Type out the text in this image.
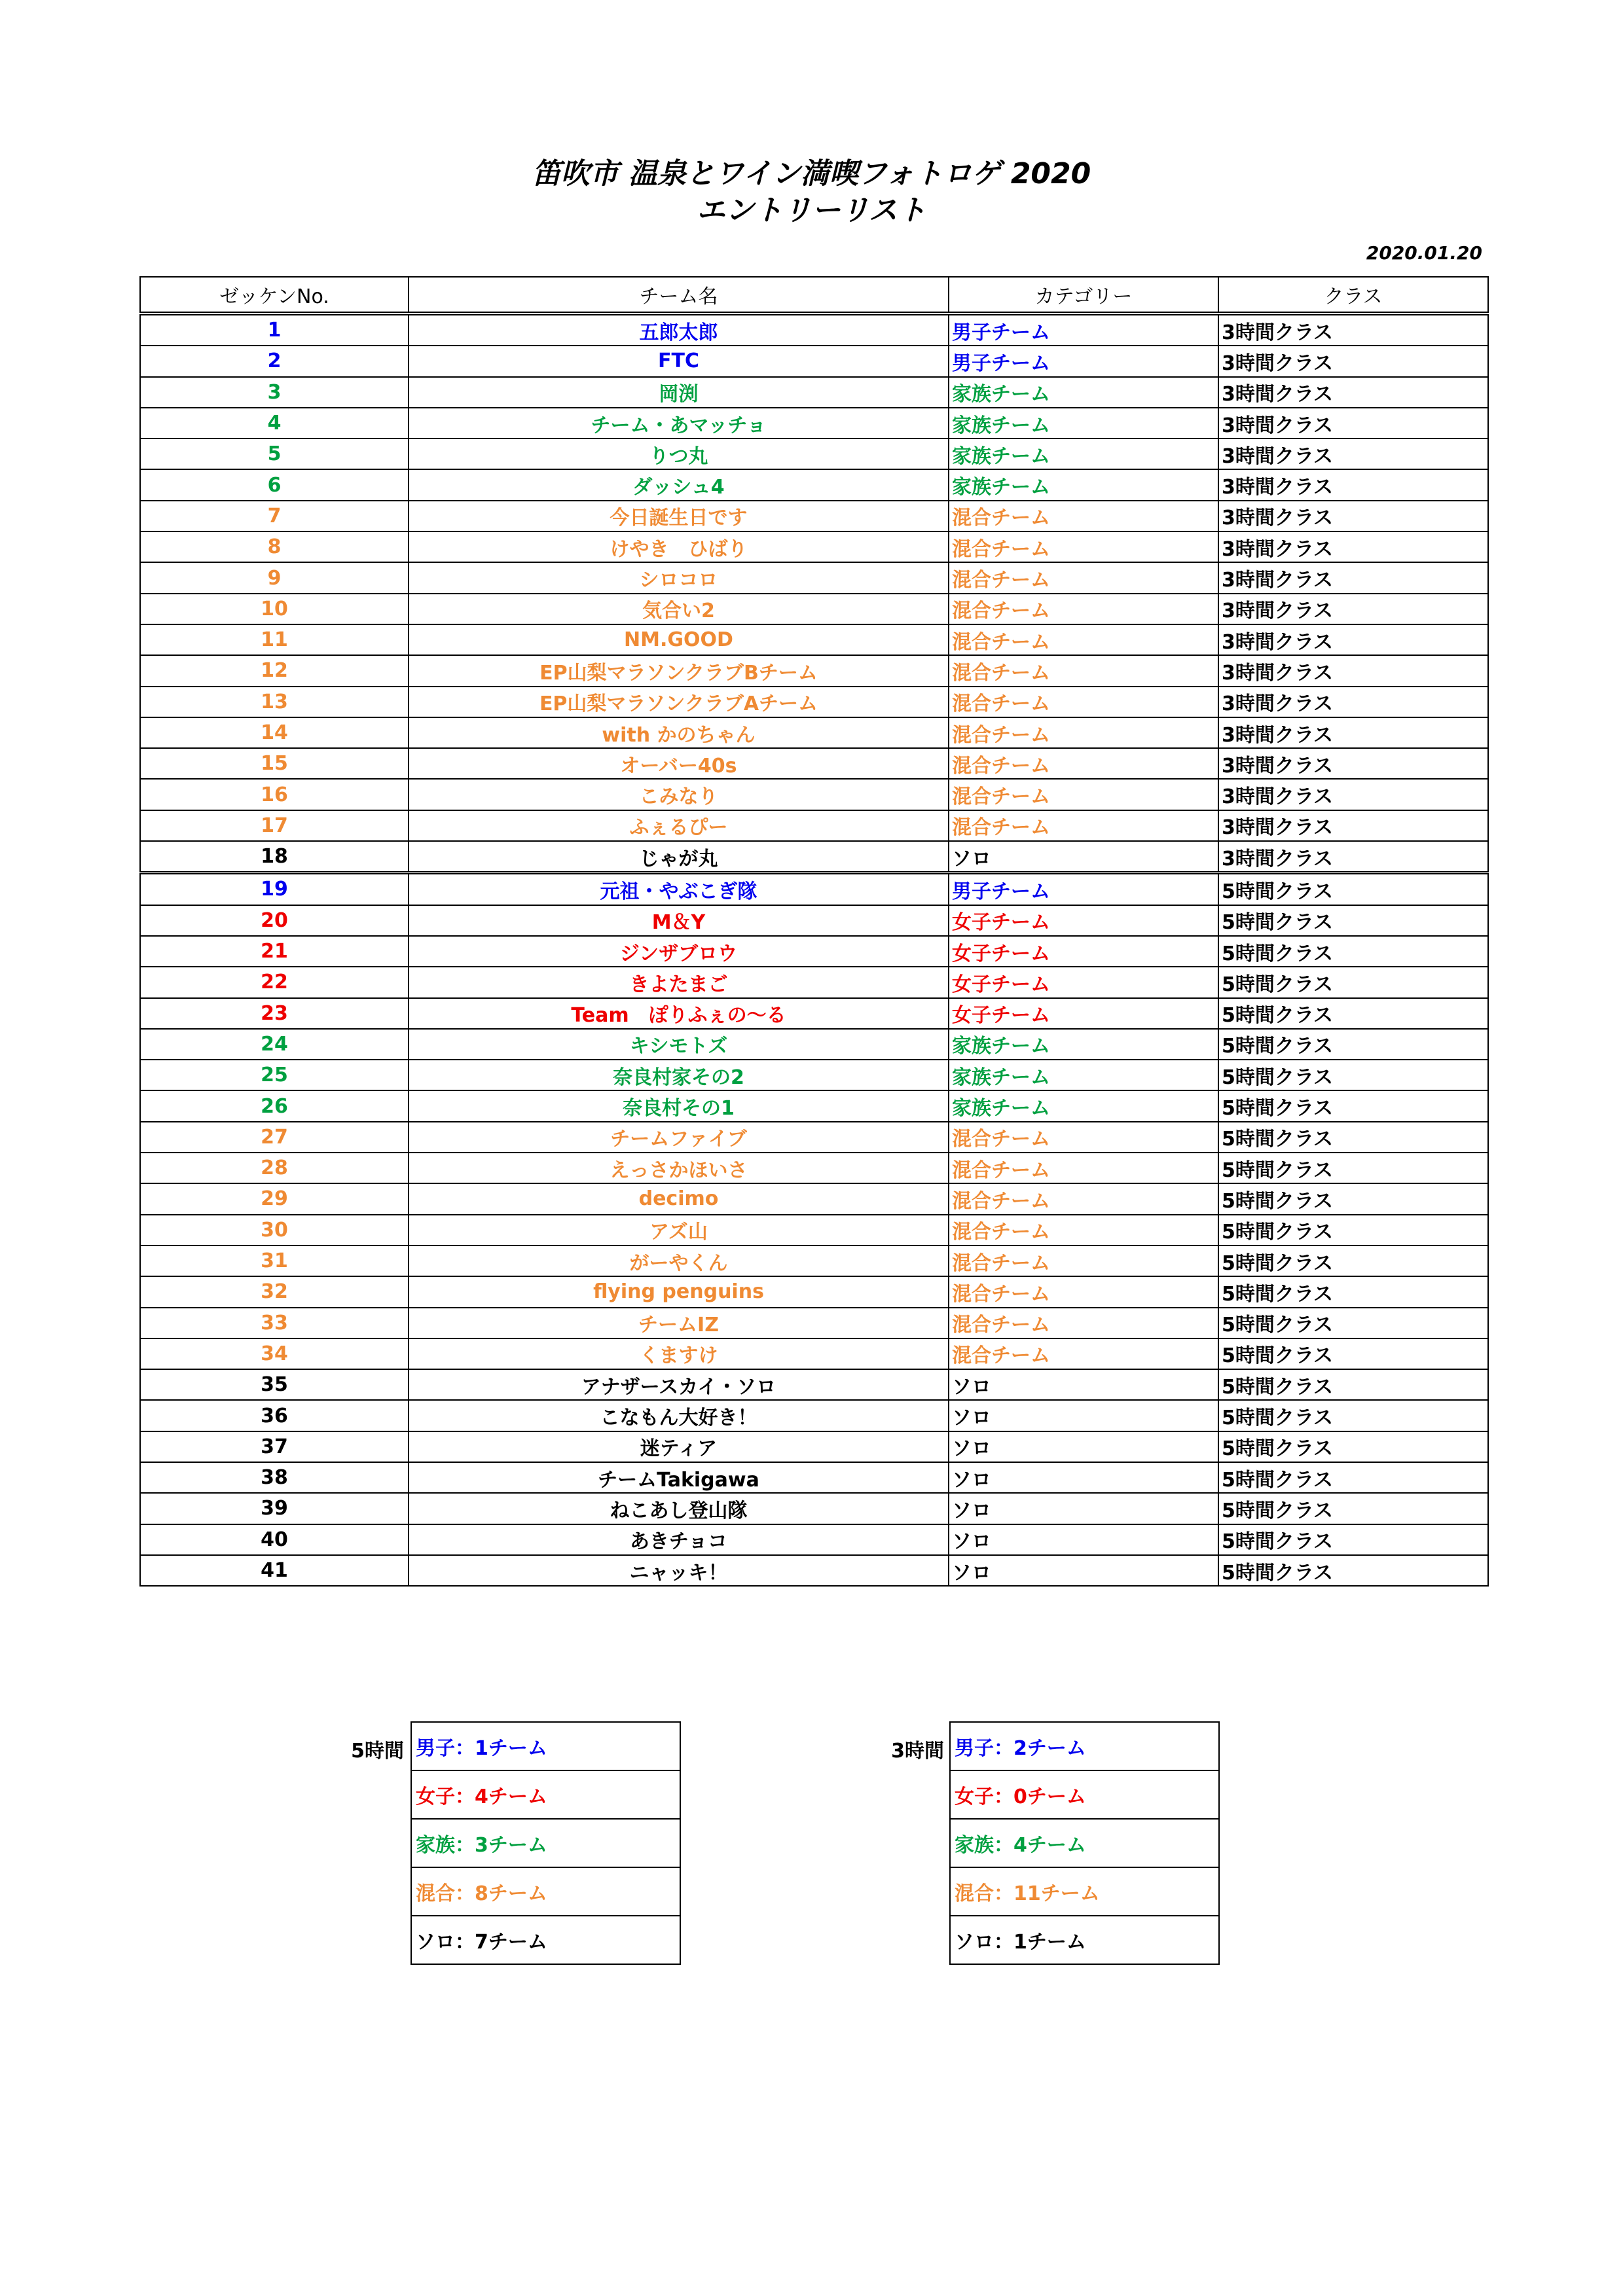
笛吹市 温泉とワイン満喫フォトロゲ 2020
エントリーリスト
2020.01.20
ゼッケンNo.	チーム名	カテゴリー	クラス
1	五郎太郎	男子チーム	3時間クラス
2	FTC	男子チーム	3時間クラス
3	岡渕	家族チーム	3時間クラス
4	チーム・あマッチョ	家族チーム	3時間クラス
5	りつ丸	家族チーム	3時間クラス
6	ダッシュ4	家族チーム	3時間クラス
7	今日誕生日です	混合チーム	3時間クラス
8	けやき　ひばり	混合チーム	3時間クラス
9	シロコロ	混合チーム	3時間クラス
10	気合い2	混合チーム	3時間クラス
11	NM.GOOD	混合チーム	3時間クラス
12	EP山梨マラソンクラブBチーム	混合チーム	3時間クラス
13	EP山梨マラソンクラブAチーム	混合チーム	3時間クラス
14	with かのちゃん	混合チーム	3時間クラス
15	オーバー40s	混合チーム	3時間クラス
16	こみなり	混合チーム	3時間クラス
17	ふぇるぴー	混合チーム	3時間クラス
18	じゃが丸	ソロ	3時間クラス
19	元祖・やぶこぎ隊	男子チーム	5時間クラス
20	M＆Y	女子チーム	5時間クラス
21	ジンザブロウ	女子チーム	5時間クラス
22	きよたまご	女子チーム	5時間クラス
23	Team　ぽりふぇの～る	女子チーム	5時間クラス
24	キシモトズ	家族チーム	5時間クラス
25	奈良村家その2	家族チーム	5時間クラス
26	奈良村その1	家族チーム	5時間クラス
27	チームファイブ	混合チーム	5時間クラス
28	えっさかほいさ	混合チーム	5時間クラス
29	decimo	混合チーム	5時間クラス
30	アズ山	混合チーム	5時間クラス
31	がーやくん	混合チーム	5時間クラス
32	flying penguins	混合チーム	5時間クラス
33	チームIZ	混合チーム	5時間クラス
34	くますけ	混合チーム	5時間クラス
35	アナザースカイ・ソロ	ソロ	5時間クラス
36	こなもん大好き！	ソロ	5時間クラス
37	迷ティア	ソロ	5時間クラス
38	チームTakigawa	ソロ	5時間クラス
39	ねこあし登山隊	ソロ	5時間クラス
40	あきチョコ	ソロ	5時間クラス
41	ニャッキ！	ソロ	5時間クラス
5時間 男子：1チーム
女子：4チーム
家族：3チーム
混合：8チーム
ソロ：7チーム
3時間 男子：2チーム
女子：0チーム
家族：4チーム
混合：11チーム
ソロ：1チーム
